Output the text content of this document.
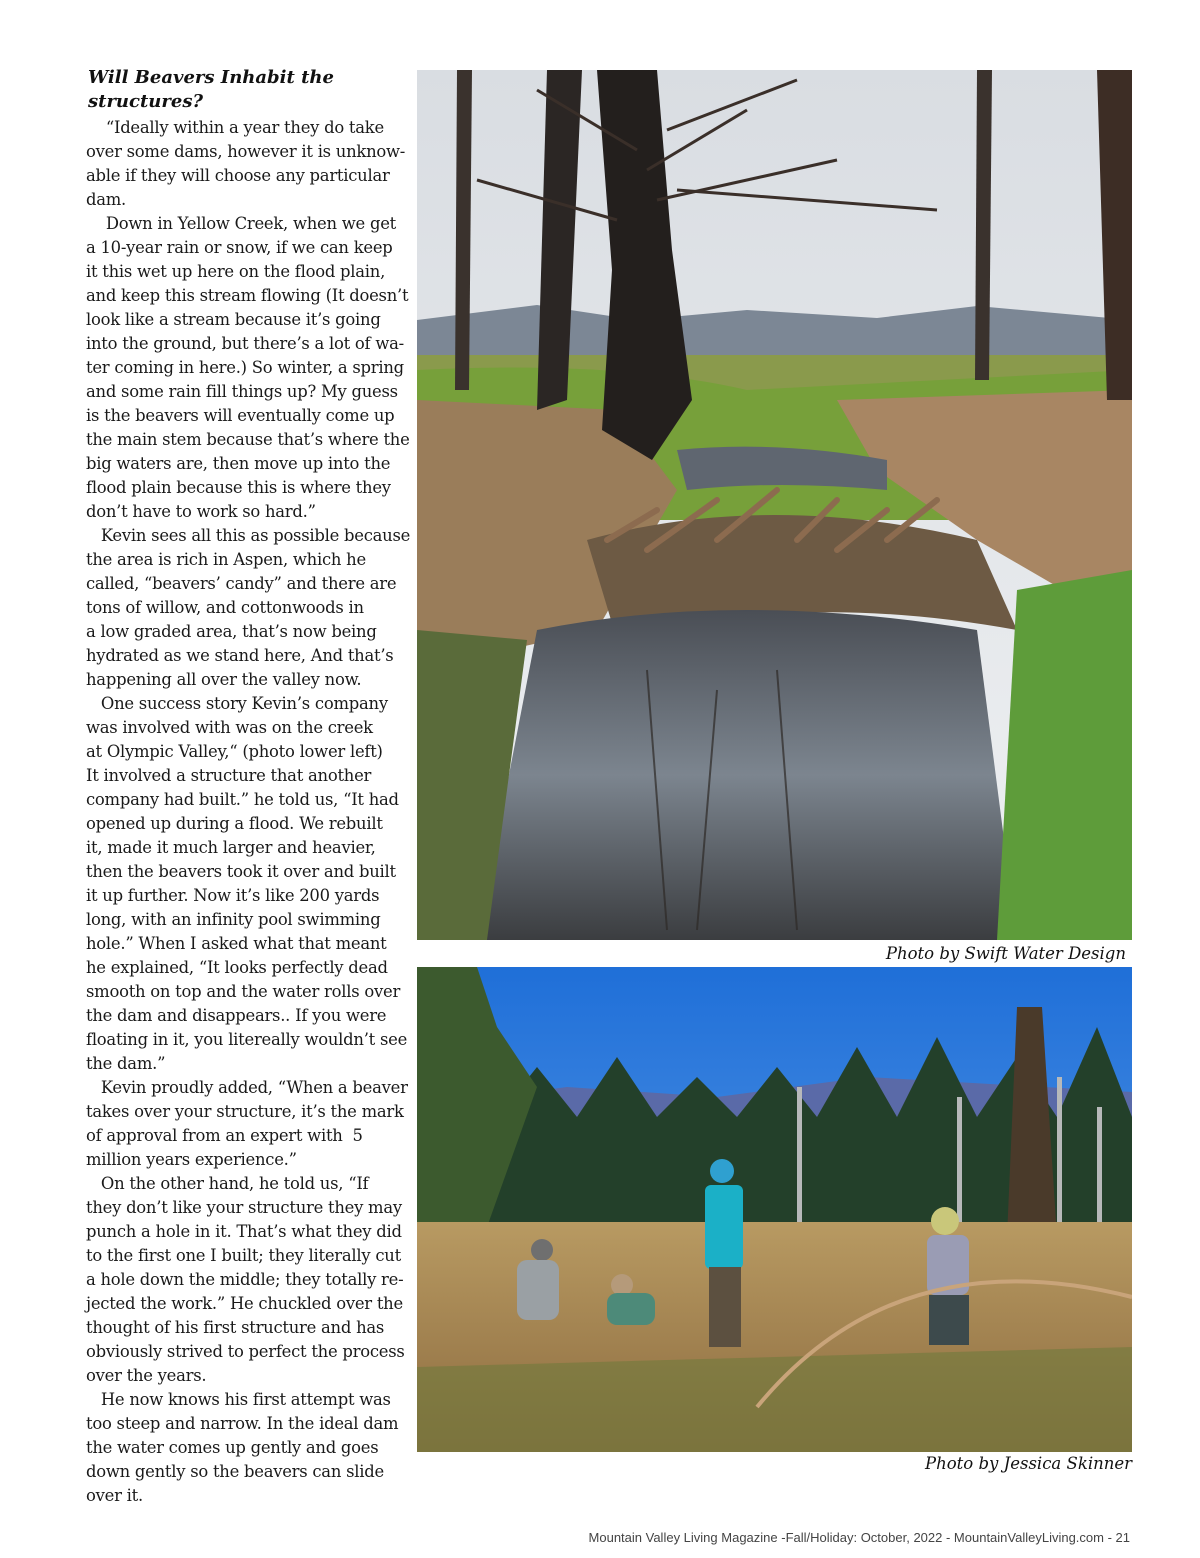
Will Beavers Inhabit the structures?
“Ideally within a year they do take
over some dams, however it is unknow-
able if they will choose any particular
dam.
Down in Yellow Creek, when we get
a 10-year rain or snow, if we can keep
it this wet up here on the flood plain,
and keep this stream flowing (It doesn’t
look like a stream because it’s going
into the ground, but there’s a lot of wa-
ter coming in here.) So winter, a spring
and some rain fill things up? My guess
is the beavers will eventually come up
the main stem because that’s where the
big waters are, then move up into the
flood plain because this is where they
don’t have to work so hard.”
Kevin sees all this as possible because
the area is rich in Aspen, which he
called, “beavers’ candy” and there are
tons of willow, and cottonwoods in
a low graded area, that’s now being
hydrated as we stand here, And that’s
happening all over the valley now.
One success story Kevin’s company
was involved with was on the creek
at Olympic Valley,“ (photo lower left)
It involved a structure that another
company had built.” he told us, “It had
opened up during a flood. We rebuilt
it, made it much larger and heavier,
then the beavers took it over and built
it up further. Now it’s like 200 yards
long, with an infinity pool swimming
hole.” When I asked what that meant
he explained, “It looks perfectly dead
smooth on top and the water rolls over
the dam and disappears.. If you were
floating in it, you litereally wouldn’t see
the dam.”
Kevin proudly added, “When a beaver
takes over your structure, it’s the mark
of approval from an expert with  5
million years experience.”
On the other hand, he told us, “If
they don’t like your structure they may
punch a hole in it. That’s what they did
to the first one I built; they literally cut
a hole down the middle; they totally re-
jected the work.” He chuckled over the
thought of his first structure and has
obviously strived to perfect the process
over the years.
He now knows his first attempt was
too steep and narrow. In the ideal dam
the water comes up gently and goes
down gently so the beavers can slide
over it.
Photo by Swift Water Design
Photo by Jessica Skinner
Mountain Valley Living Magazine -Fall/Holiday: October, 2022 - MountainValleyLiving.com - 21
